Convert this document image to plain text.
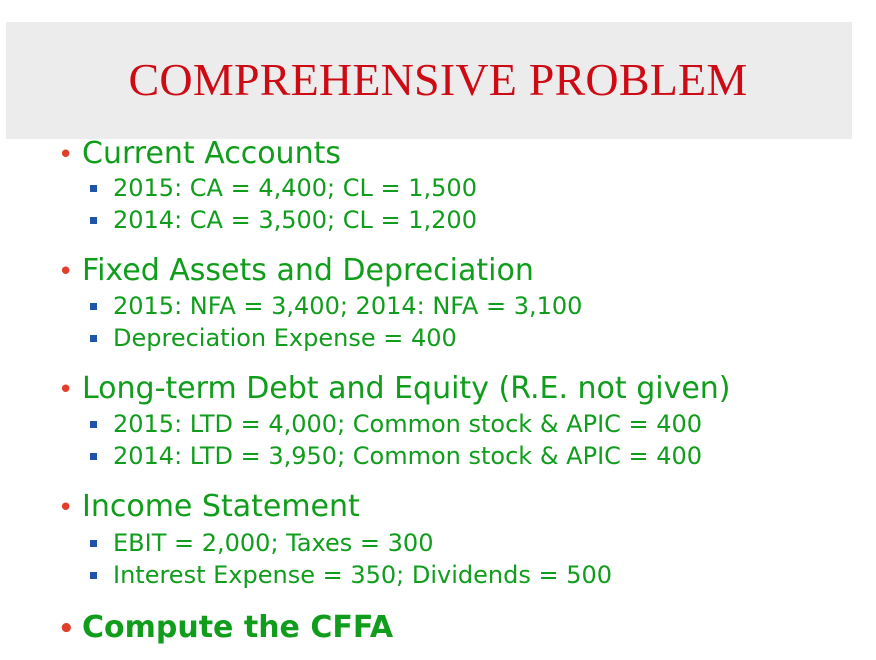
COMPREHENSIVE PROBLEM
• Current Accounts
2015: CA = 4,400; CL = 1,500
2014: CA = 3,500; CL = 1,200
• Fixed Assets and Depreciation
2015: NFA = 3,400; 2014: NFA = 3,100
Depreciation Expense = 400
• Long-term Debt and Equity (R.E. not given)
2015: LTD = 4,000; Common stock & APIC = 400
2014: LTD = 3,950; Common stock & APIC = 400
• Income Statement
EBIT = 2,000; Taxes = 300
Interest Expense = 350; Dividends = 500
• Compute the CFFA
